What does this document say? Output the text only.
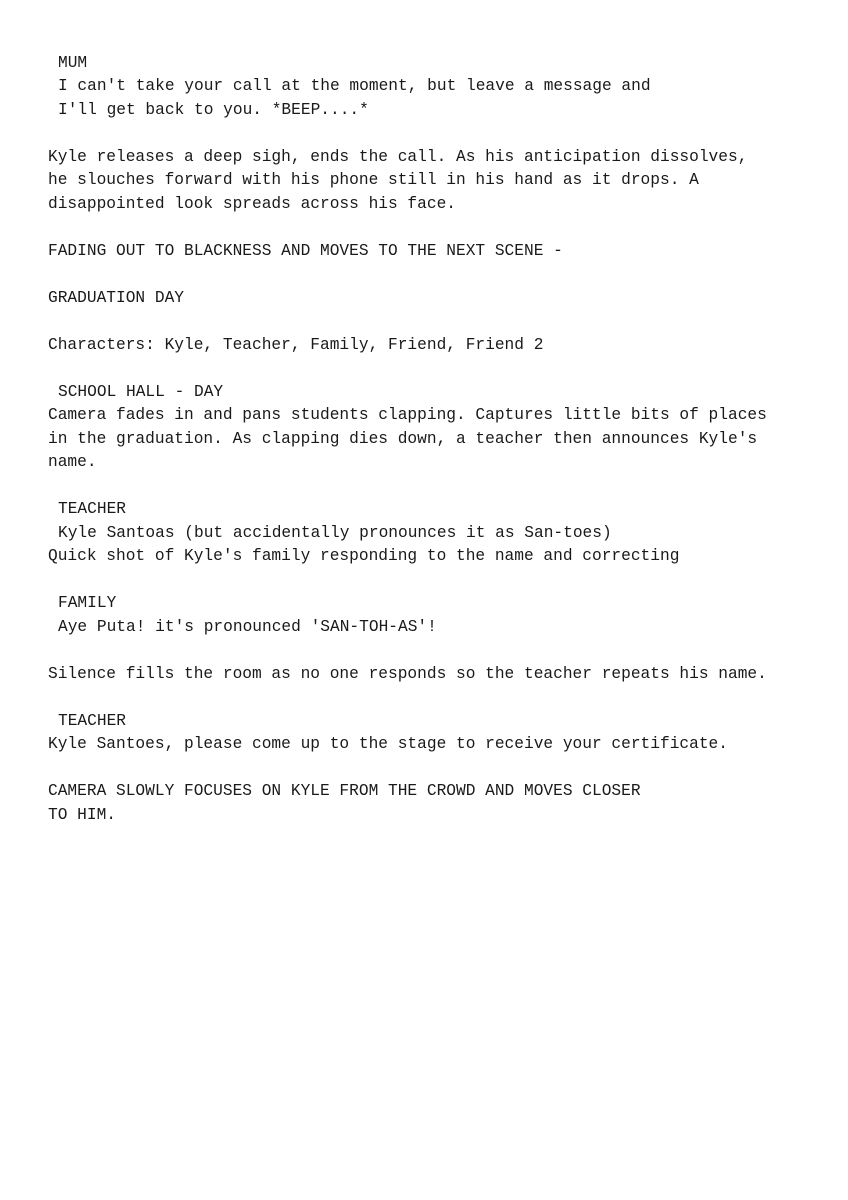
MUM

I can't take your call at the moment, but leave a message and

I'll get back to you. *BEEP....*

Kyle releases a deep sigh, ends the call. As his anticipation dissolves,

he slouches forward with his phone still in his hand as it drops. A

disappointed look spreads across his face.

FADING OUT TO BLACKNESS AND MOVES TO THE NEXT SCENE -

GRADUATION DAY

Characters: Kyle, Teacher, Family, Friend, Friend 2

SCHOOL HALL - DAY

Camera fades in and pans students clapping. Captures little bits of places

in the graduation. As clapping dies down, a teacher then announces Kyle's

name.

TEACHER

Kyle Santoas (but accidentally pronounces it as San-toes)

Quick shot of Kyle's family responding to the name and correcting

FAMILY

Aye Puta! it's pronounced 'SAN-TOH-AS'!

Silence fills the room as no one responds so the teacher repeats his name.

TEACHER

Kyle Santoes, please come up to the stage to receive your certificate.

CAMERA SLOWLY FOCUSES ON KYLE FROM THE CROWD AND MOVES CLOSER

TO HIM.
